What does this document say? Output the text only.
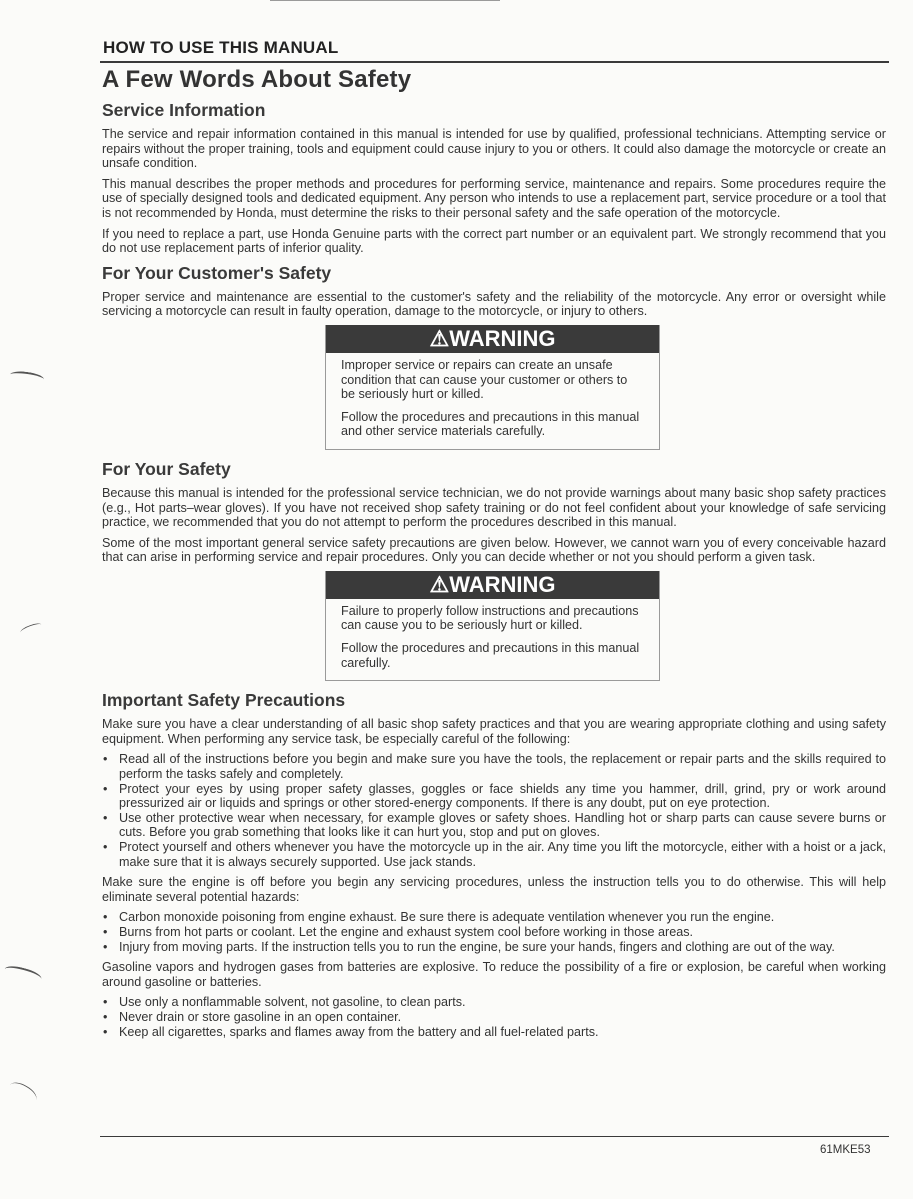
HOW TO USE THIS MANUAL
A Few Words About Safety
Service Information

The service and repair information contained in this manual is intended for use by qualified, professional technicians. Attempting service or repairs without the proper training, tools and equipment could cause injury to you or others. It could also damage the motorcycle or create an unsafe condition.

This manual describes the proper methods and procedures for performing service, maintenance and repairs. Some procedures require the use of specially designed tools and dedicated equipment. Any person who intends to use a replacement part, service procedure or a tool that is not recommended by Honda, must determine the risks to their personal safety and the safe operation of the motorcycle.

If you need to replace a part, use Honda Genuine parts with the correct part number or an equivalent part. We strongly recommend that you do not use replacement parts of inferior quality.

For Your Customer's Safety

Proper service and maintenance are essential to the customer's safety and the reliability of the motorcycle. Any error or oversight while servicing a motorcycle can result in faulty operation, damage to the motorcycle, or injury to others.

⚠WARNING

Improper service or repairs can create an unsafe condition that can cause your customer or others to be seriously hurt or killed.

Follow the procedures and precautions in this manual and other service materials carefully.

For Your Safety

Because this manual is intended for the professional service technician, we do not provide warnings about many basic shop safety practices (e.g., Hot parts–wear gloves). If you have not received shop safety training or do not feel confident about your knowledge of safe servicing practice, we recommended that you do not attempt to perform the procedures described in this manual.

Some of the most important general service safety precautions are given below. However, we cannot warn you of every conceivable hazard that can arise in performing service and repair procedures. Only you can decide whether or not you should perform a given task.

⚠WARNING

Failure to properly follow instructions and precautions can cause you to be seriously hurt or killed.

Follow the procedures and precautions in this manual carefully.

Important Safety Precautions

Make sure you have a clear understanding of all basic shop safety practices and that you are wearing appropriate clothing and using safety equipment. When performing any service task, be especially careful of the following:

• Read all of the instructions before you begin and make sure you have the tools, the replacement or repair parts and the skills required to perform the tasks safely and completely.
• Protect your eyes by using proper safety glasses, goggles or face shields any time you hammer, drill, grind, pry or work around pressurized air or liquids and springs or other stored-energy components. If there is any doubt, put on eye protection.
• Use other protective wear when necessary, for example gloves or safety shoes. Handling hot or sharp parts can cause severe burns or cuts. Before you grab something that looks like it can hurt you, stop and put on gloves.
• Protect yourself and others whenever you have the motorcycle up in the air. Any time you lift the motorcycle, either with a hoist or a jack, make sure that it is always securely supported. Use jack stands.

Make sure the engine is off before you begin any servicing procedures, unless the instruction tells you to do otherwise. This will help eliminate several potential hazards:

• Carbon monoxide poisoning from engine exhaust. Be sure there is adequate ventilation whenever you run the engine.
• Burns from hot parts or coolant. Let the engine and exhaust system cool before working in those areas.
• Injury from moving parts. If the instruction tells you to run the engine, be sure your hands, fingers and clothing are out of the way.

Gasoline vapors and hydrogen gases from batteries are explosive. To reduce the possibility of a fire or explosion, be careful when working around gasoline or batteries.

• Use only a nonflammable solvent, not gasoline, to clean parts.
• Never drain or store gasoline in an open container.
• Keep all cigarettes, sparks and flames away from the battery and all fuel-related parts.

61MKE53
